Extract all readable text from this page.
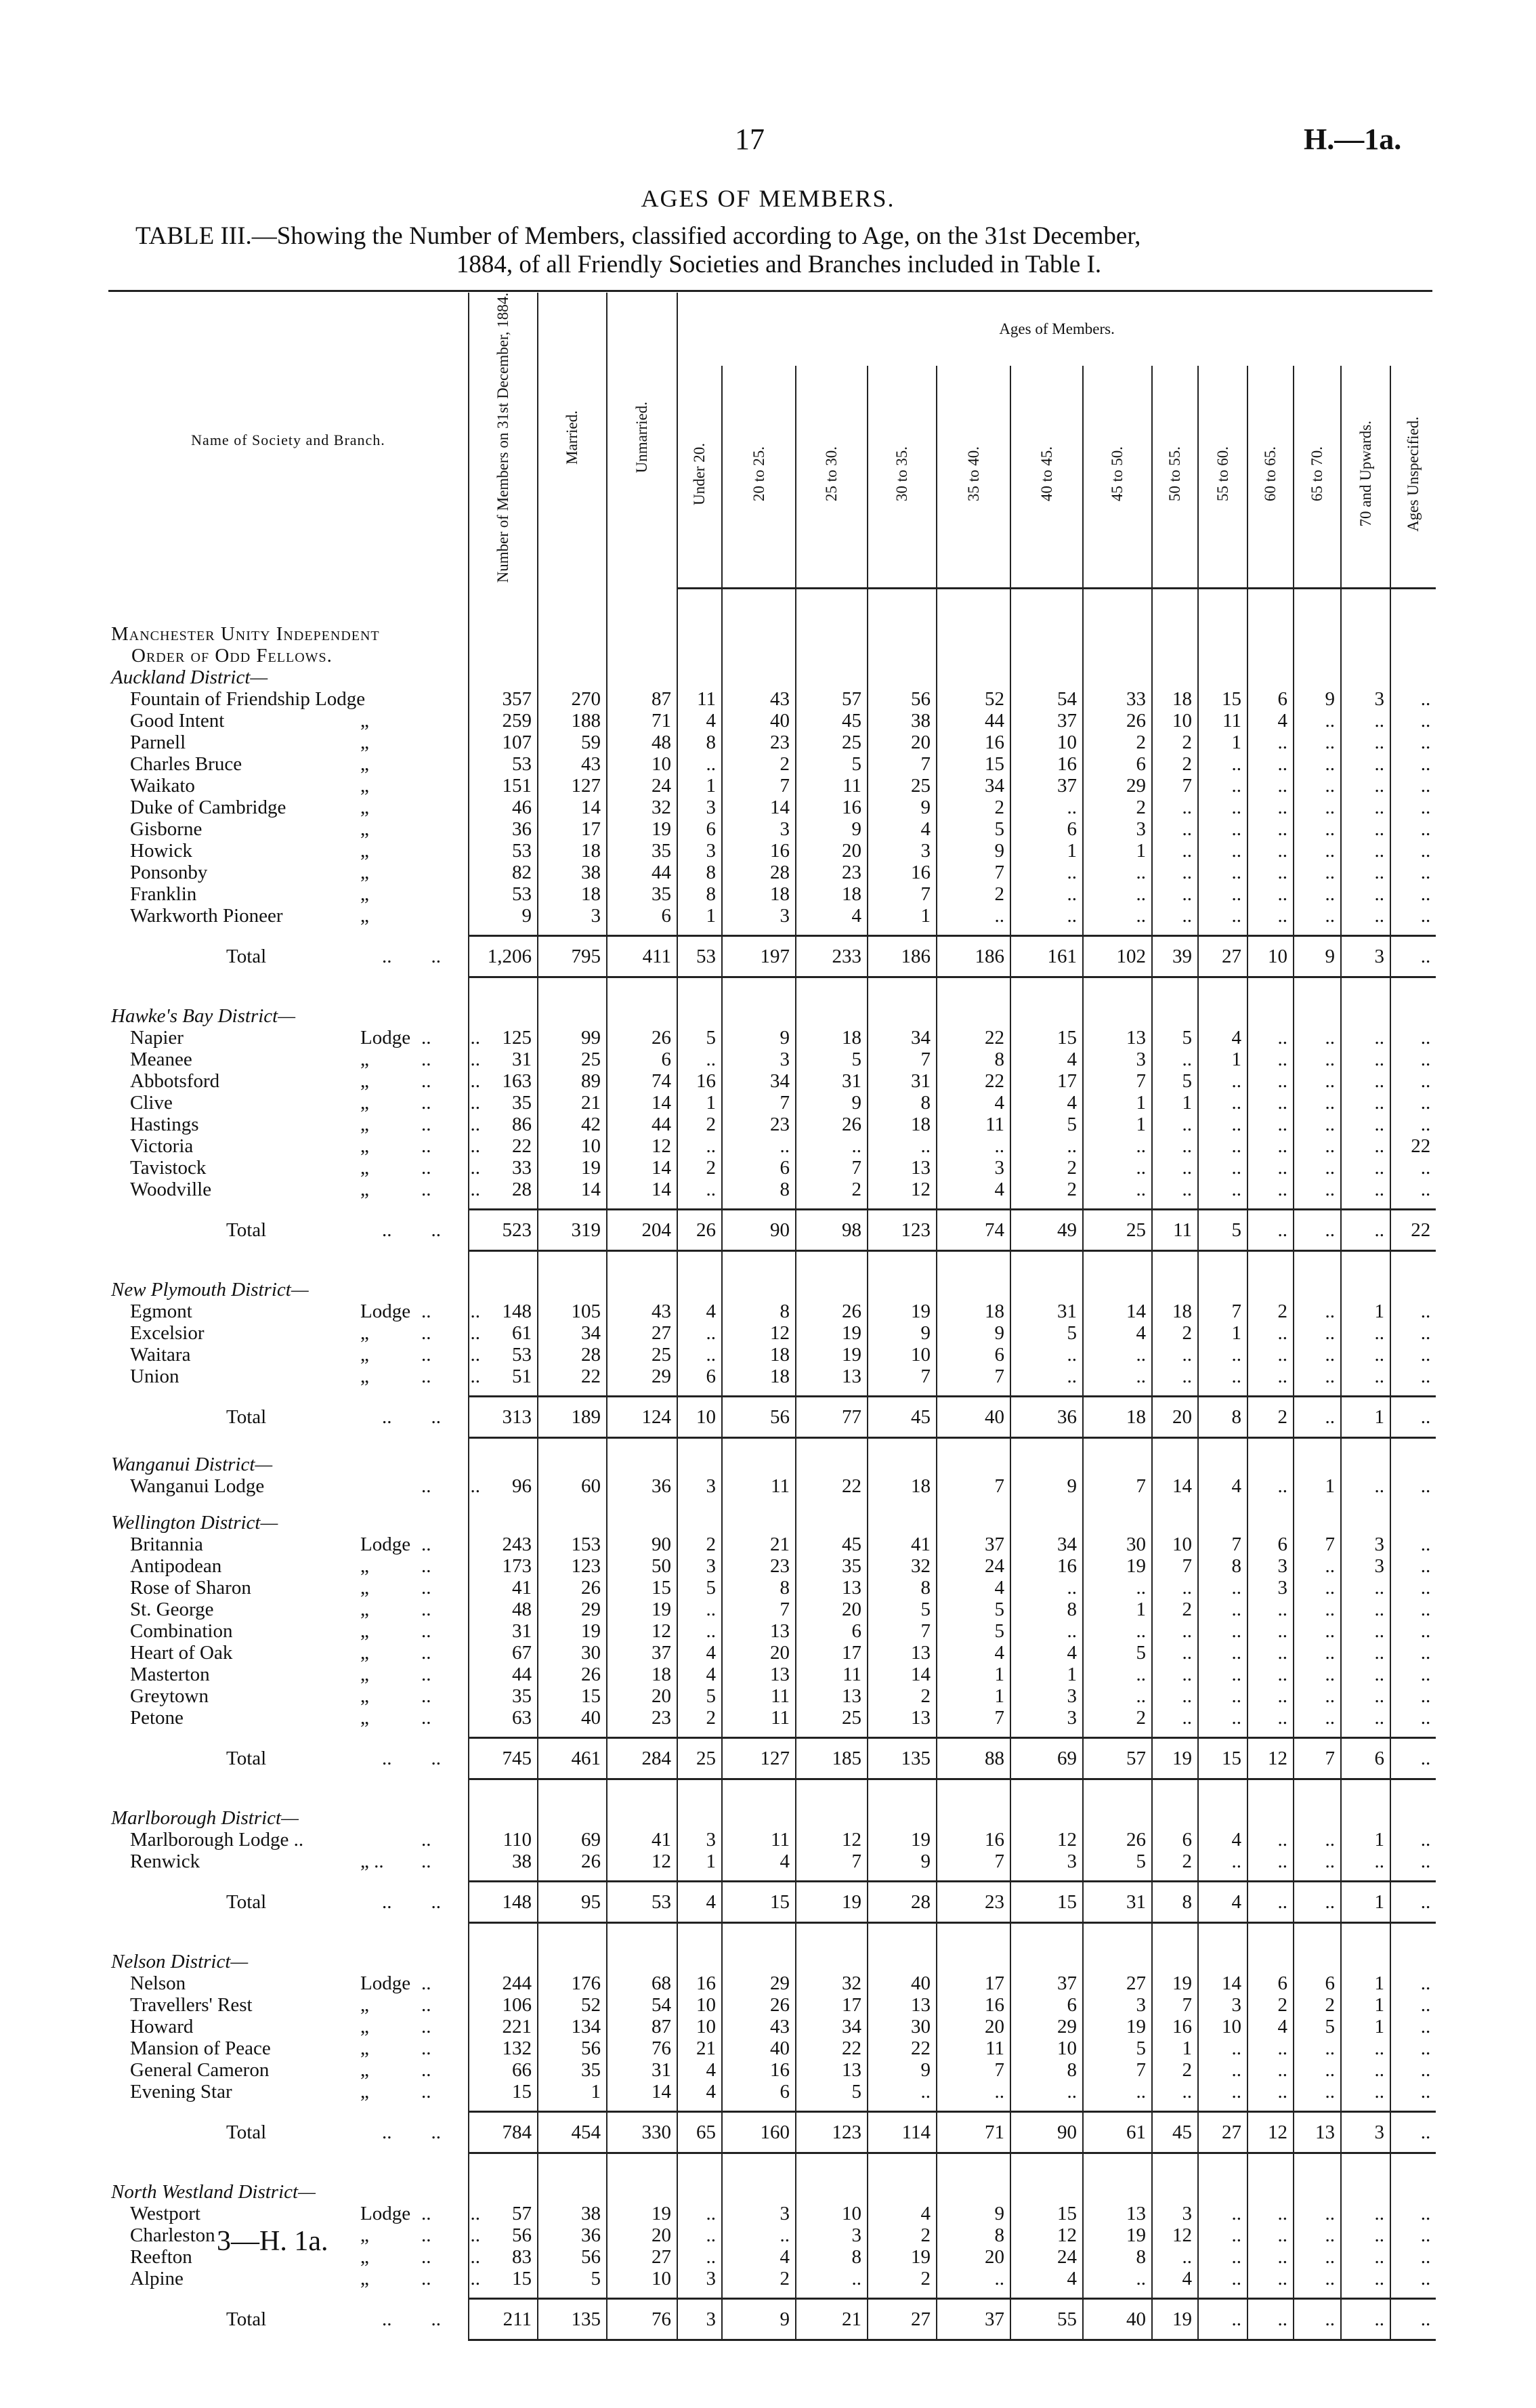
17	H.—1a.
AGES OF MEMBERS.
TABLE III.—Showing the Number of Members, classified according to Age, on the 31st December,
1884, of all Friendly Societies and Branches included in Table I.
Name of Society and Branch.	Number of Members on 31st December, 1884.	Married.	Unmarried.	Ages of Members.												
				Under 20.	20 to 25.	25 to 30.	30 to 35.	35 to 40.	40 to 45.	45 to 50.	50 to 55.	55 to 60.	60 to 65.	65 to 70.	70 and Upwards.	Ages Unspecified.

Manchester Unity Independent																
Order of Odd Fellows.																
Auckland District—																
Fountain of Friendship Lodge	357	270	87	11	43	57	56	52	54	33	18	15	6	9	3	..
Good Intent „	259	188	71	4	40	45	38	44	37	26	10	11	4	..	..	..
Parnell „	107	59	48	8	23	25	20	16	10	2	2	1	..	..	..	..
Charles Bruce „	53	43	10	..	2	5	7	15	16	6	2	..	..	..	..	..
Waikato „	151	127	24	1	7	11	25	34	37	29	7	..	..	..	..	..
Duke of Cambridge „	46	14	32	3	14	16	9	2	..	2	..	..	..	..	..	..
Gisborne „	36	17	19	6	3	9	4	5	6	3	..	..	..	..	..	..
Howick „	53	18	35	3	16	20	3	9	1	1	..	..	..	..	..	..
Ponsonby „	82	38	44	8	28	23	16	7	..	..	..	..	..	..	..	..
Franklin „	53	18	35	8	18	18	7	2	..	..	..	..	..	..	..	..
Warkworth Pioneer „	9	3	6	1	3	4	1	..	..	..	..	..	..	..	..	..

Total ..        ..	1,206	795	411	53	197	233	186	186	161	102	39	27	10	9	3	..

Hawke's Bay District—																
Napier Lodge ..        ..	125	99	26	5	9	18	34	22	15	13	5	4	..	..	..	..
Meanee „ ..        ..	31	25	6	..	3	5	7	8	4	3	..	1	..	..	..	..
Abbotsford „ ..        ..	163	89	74	16	34	31	31	22	17	7	5	..	..	..	..	..
Clive „ ..        ..	35	21	14	1	7	9	8	4	4	1	1	..	..	..	..	..
Hastings „ ..        ..	86	42	44	2	23	26	18	11	5	1	..	..	..	..	..	..
Victoria „ ..        ..	22	10	12	..	..	..	..	..	..	..	..	..	..	..	..	22
Tavistock „ ..        ..	33	19	14	2	6	7	13	3	2	..	..	..	..	..	..	..
Woodville „ ..        ..	28	14	14	..	8	2	12	4	2	..	..	..	..	..	..	..

Total ..        ..	523	319	204	26	90	98	123	74	49	25	11	5	..	..	..	22

New Plymouth District—																
Egmont Lodge ..        ..	148	105	43	4	8	26	19	18	31	14	18	7	2	..	1	..
Excelsior „ ..        ..	61	34	27	..	12	19	9	9	5	4	2	1	..	..	..	..
Waitara „ ..        ..	53	28	25	..	18	19	10	6	..	..	..	..	..	..	..	..
Union „ ..        ..	51	22	29	6	18	13	7	7	..	..	..	..	..	..	..	..

Total ..        ..	313	189	124	10	56	77	45	40	36	18	20	8	2	..	1	..

Wanganui District—																
Wanganui Lodge ..        ..	96	60	36	3	11	22	18	7	9	7	14	4	..	1	..	..

Wellington District—																
Britannia Lodge ..	243	153	90	2	21	45	41	37	34	30	10	7	6	7	3	..
Antipodean „ ..	173	123	50	3	23	35	32	24	16	19	7	8	3	..	3	..
Rose of Sharon „ ..	41	26	15	5	8	13	8	4	..	..	..	..	3	..	..	..
St. George „ ..	48	29	19	..	7	20	5	5	8	1	2	..	..	..	..	..
Combination „ ..	31	19	12	..	13	6	7	5	..	..	..	..	..	..	..	..
Heart of Oak „ ..	67	30	37	4	20	17	13	4	4	5	..	..	..	..	..	..
Masterton „ ..	44	26	18	4	13	11	14	1	1	..	..	..	..	..	..	..
Greytown „ ..	35	15	20	5	11	13	2	1	3	..	..	..	..	..	..	..
Petone „ ..	63	40	23	2	11	25	13	7	3	2	..	..	..	..	..	..

Total ..        ..	745	461	284	25	127	185	135	88	69	57	19	15	12	7	6	..

Marlborough District—																
Marlborough Lodge .. ..	110	69	41	3	11	12	19	16	12	26	6	4	..	..	1	..
Renwick „ .. ..	38	26	12	1	4	7	9	7	3	5	2	..	..	..	..	..

Total ..        ..	148	95	53	4	15	19	28	23	15	31	8	4	..	..	1	..

Nelson District—																
Nelson Lodge ..	244	176	68	16	29	32	40	17	37	27	19	14	6	6	1	..
Travellers' Rest „ ..	106	52	54	10	26	17	13	16	6	3	7	3	2	2	1	..
Howard „ ..	221	134	87	10	43	34	30	20	29	19	16	10	4	5	1	..
Mansion of Peace „ ..	132	56	76	21	40	22	22	11	10	5	1	..	..	..	..	..
General Cameron „ ..	66	35	31	4	16	13	9	7	8	7	2	..	..	..	..	..
Evening Star „ ..	15	1	14	4	6	5	..	..	..	..	..	..	..	..	..	..

Total ..        ..	784	454	330	65	160	123	114	71	90	61	45	27	12	13	3	..

North Westland District—																
Westport Lodge ..        ..	57	38	19	..	3	10	4	9	15	13	3	..	..	..	..	..
Charleston „ ..        ..	56	36	20	..	..	3	2	8	12	19	12	..	..	..	..	..
Reefton „ ..        ..	83	56	27	..	4	8	19	20	24	8	..	..	..	..	..	..
Alpine „ ..        ..	15	5	10	3	2	..	2	..	4	..	4	..	..	..	..	..

Total ..        ..	211	135	76	3	9	21	27	37	55	40	19	..	..	..	..	..
3—H. 1a.
